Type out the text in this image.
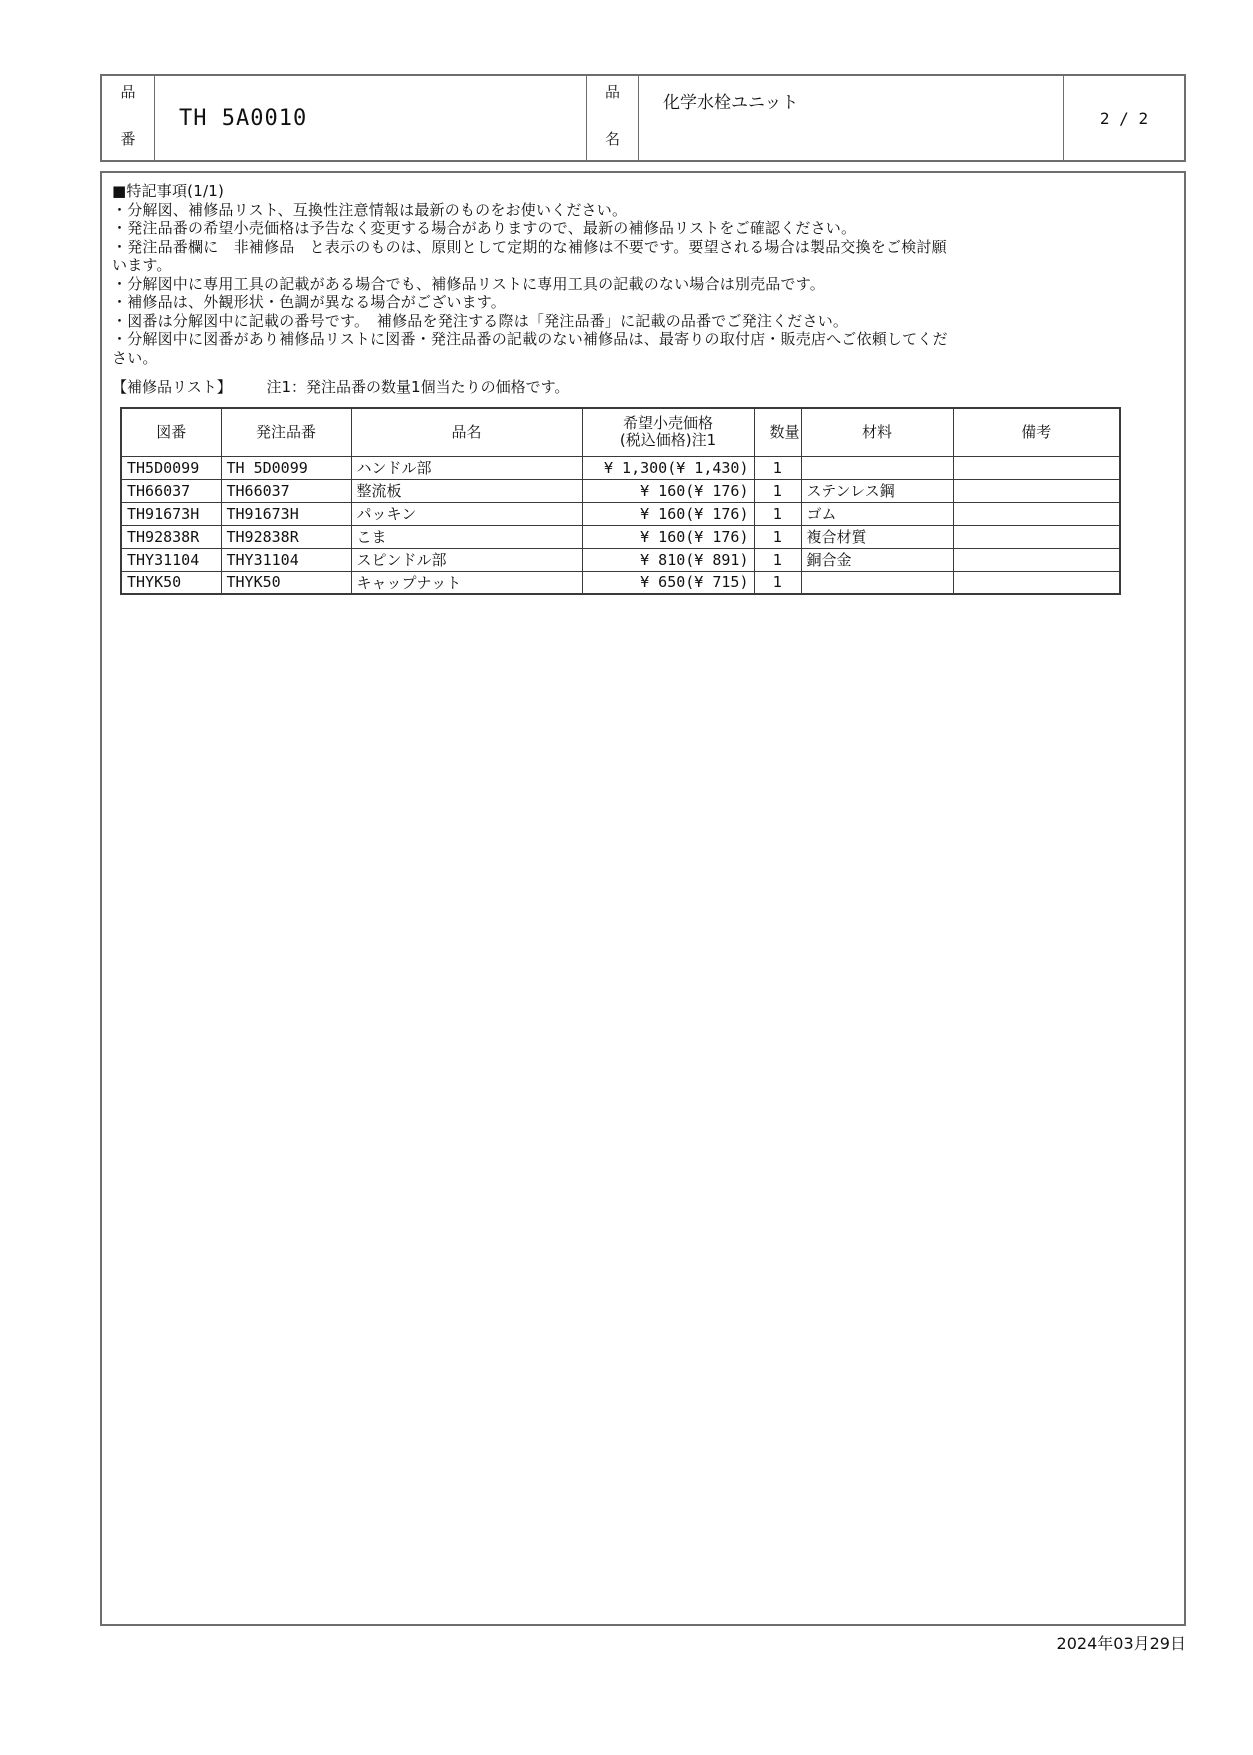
品
番
TH 5A0010
品
名
化学水栓ユニット
2 / 2
■特記事項(1/1)
・分解図、補修品リスト、互換性注意情報は最新のものをお使いください。
・発注品番の希望小売価格は予告なく変更する場合がありますので、最新の補修品リストをご確認ください。
・発注品番欄に　非補修品　と表示のものは、原則として定期的な補修は不要です。要望される場合は製品交換をご検討願
います。
・分解図中に専用工具の記載がある場合でも、補修品リストに専用工具の記載のない場合は別売品です。
・補修品は、外観形状・色調が異なる場合がございます。
・図番は分解図中に記載の番号です。　補修品を発注する際は「発注品番」に記載の品番でご発注ください。
・分解図中に図番があり補修品リストに図番・発注品番の記載のない補修品は、最寄りの取付店・販売店へご依頼してくだ
さい。
【補修品リスト】 注1：発注品番の数量1個当たりの価格です。
図番	発注品番	品名	希望小売価格
(税込価格)注1	数量	材料	備考
TH5D0099	TH 5D0099	ハンドル部	¥ 1,300(¥ 1,430)	1		
TH66037	TH66037	整流板	¥ 160(¥ 176)	1	ステンレス鋼	
TH91673H	TH91673H	パッキン	¥ 160(¥ 176)	1	ゴム	
TH92838R	TH92838R	こま	¥ 160(¥ 176)	1	複合材質	
THY31104	THY31104	スピンドル部	¥ 810(¥ 891)	1	銅合金	
THYK50	THYK50	キャップナット	¥ 650(¥ 715)	1		
2024年03月29日
